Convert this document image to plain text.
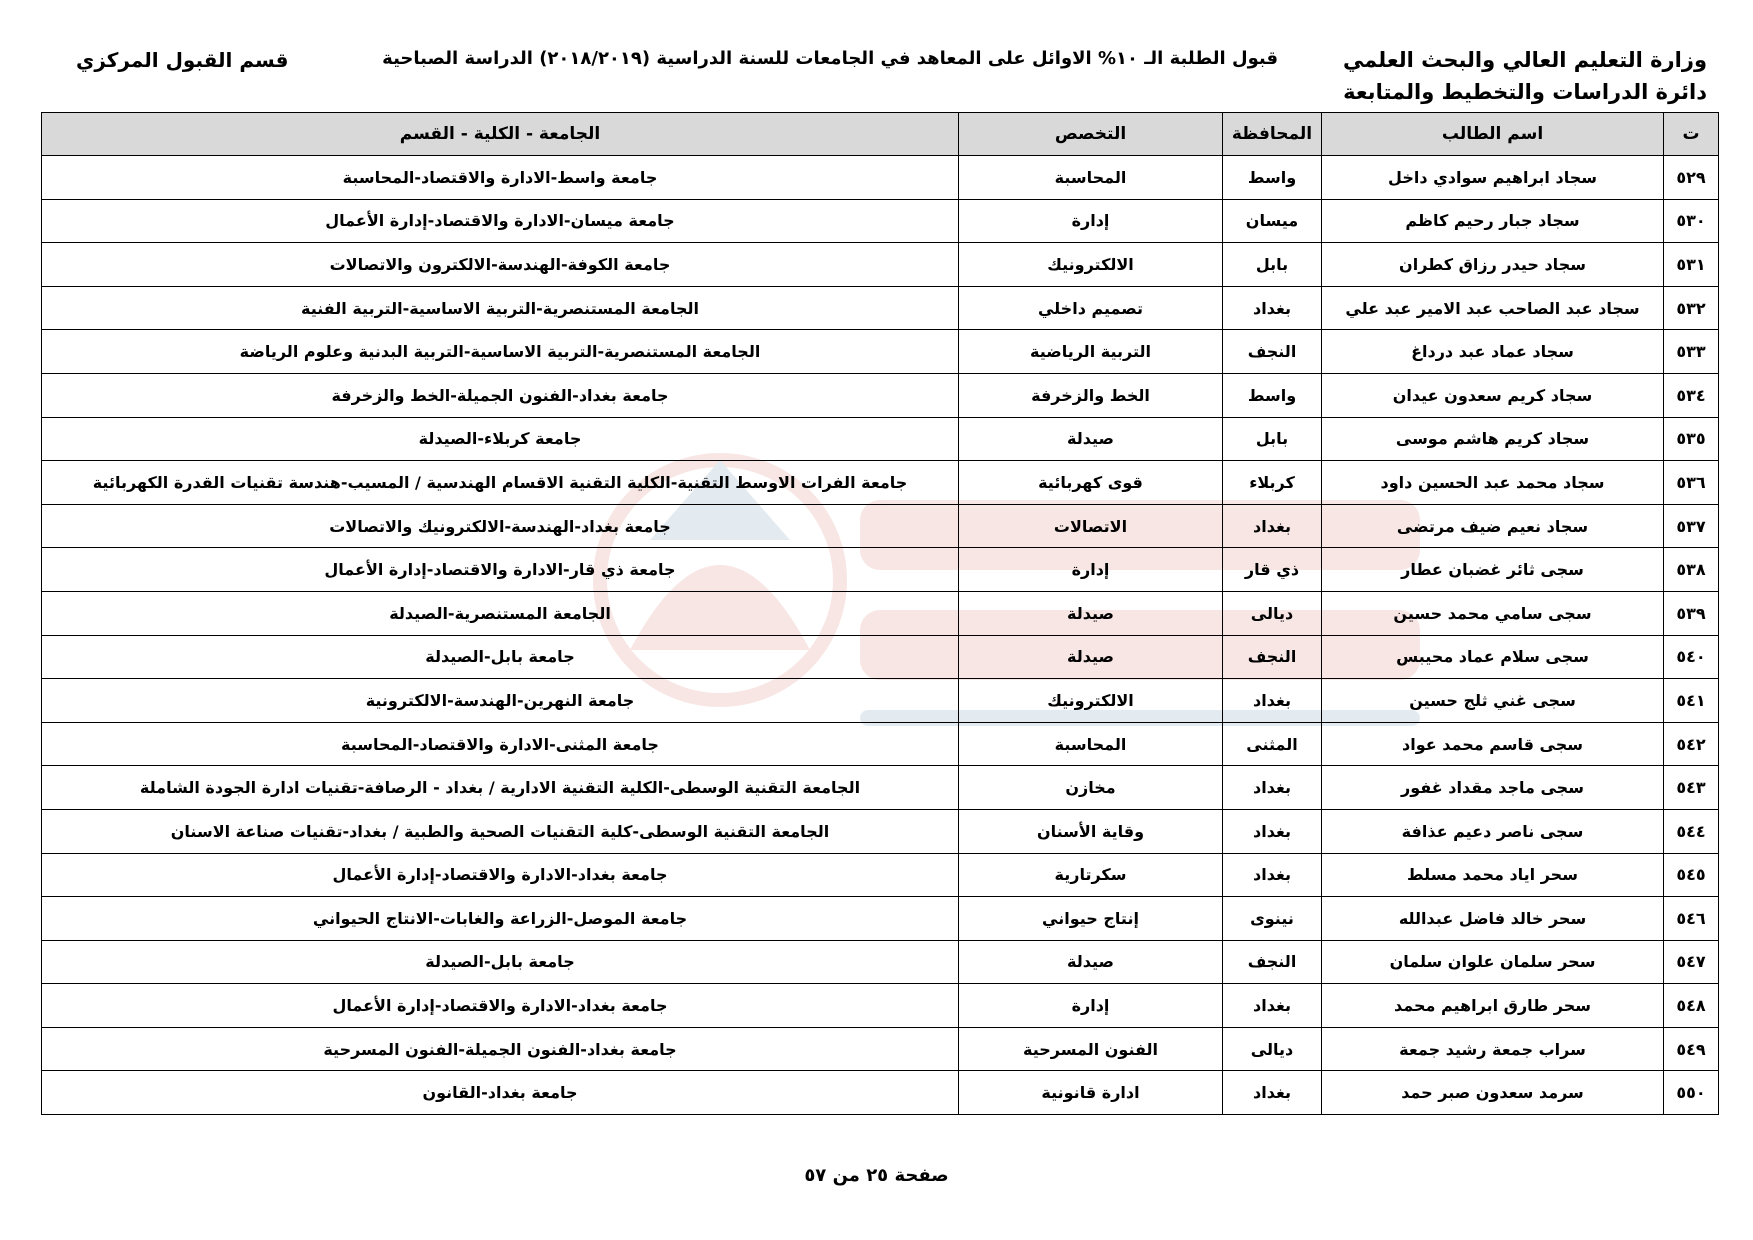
وزارة التعليم العالي والبحث العلمي
دائرة الدراسات والتخطيط والمتابعة
قبول الطلبة الـ ١٠% الاوائل على المعاهد في الجامعات للسنة الدراسية (٢٠١٨/٢٠١٩) الدراسة الصباحية
قسم القبول المركزي
ت	اسم الطالب	المحافظة	التخصص	الجامعة - الكلية - القسم
٥٢٩	سجاد ابراهيم سوادي داخل	واسط	المحاسبة	جامعة واسط-الادارة والاقتصاد-المحاسبة
٥٣٠	سجاد جبار رحيم كاظم	ميسان	إدارة	جامعة ميسان-الادارة والاقتصاد-إدارة الأعمال
٥٣١	سجاد حيدر رزاق كطران	بابل	الالكترونيك	جامعة الكوفة-الهندسة-الالكترون والاتصالات
٥٣٢	سجاد عبد الصاحب عبد الامير عبد علي	بغداد	تصميم داخلي	الجامعة المستنصرية-التربية الاساسية-التربية الفنية
٥٣٣	سجاد عماد عبد درداغ	النجف	التربية الرياضية	الجامعة المستنصرية-التربية الاساسية-التربية البدنية وعلوم الرياضة
٥٣٤	سجاد كريم سعدون عيدان	واسط	الخط والزخرفة	جامعة بغداد-الفنون الجميلة-الخط والزخرفة
٥٣٥	سجاد كريم هاشم موسى	بابل	صيدلة	جامعة كربلاء-الصيدلة
٥٣٦	سجاد محمد عبد الحسين داود	كربلاء	قوى كهربائية	جامعة الفرات الاوسط التقنية-الكلية التقنية الاقسام الهندسية / المسيب-هندسة تقنيات القدرة الكهربائية
٥٣٧	سجاد نعيم ضيف مرتضى	بغداد	الاتصالات	جامعة بغداد-الهندسة-الالكترونيك والاتصالات
٥٣٨	سجى ثائر غضبان عطار	ذي قار	إدارة	جامعة ذي قار-الادارة والاقتصاد-إدارة الأعمال
٥٣٩	سجى سامي محمد حسين	ديالى	صيدلة	الجامعة المستنصرية-الصيدلة
٥٤٠	سجى سلام عماد محيبس	النجف	صيدلة	جامعة بابل-الصيدلة
٥٤١	سجى غني ثلج حسين	بغداد	الالكترونيك	جامعة النهرين-الهندسة-الالكترونية
٥٤٢	سجى قاسم محمد عواد	المثنى	المحاسبة	جامعة المثنى-الادارة والاقتصاد-المحاسبة
٥٤٣	سجى ماجد مقداد غفور	بغداد	مخازن	الجامعة التقنية الوسطى-الكلية التقنية الادارية / بغداد - الرصافة-تقنيات ادارة الجودة الشاملة
٥٤٤	سجى ناصر دعيم عذافة	بغداد	وقاية الأسنان	الجامعة التقنية الوسطى-كلية التقنيات الصحية والطبية / بغداد-تقنيات صناعة الاسنان
٥٤٥	سحر اياد محمد مسلط	بغداد	سكرتارية	جامعة بغداد-الادارة والاقتصاد-إدارة الأعمال
٥٤٦	سحر خالد فاضل عبدالله	نينوى	إنتاج حيواني	جامعة الموصل-الزراعة والغابات-الانتاج الحيواني
٥٤٧	سحر سلمان علوان سلمان	النجف	صيدلة	جامعة بابل-الصيدلة
٥٤٨	سحر طارق ابراهيم محمد	بغداد	إدارة	جامعة بغداد-الادارة والاقتصاد-إدارة الأعمال
٥٤٩	سراب جمعة رشيد جمعة	ديالى	الفنون المسرحية	جامعة بغداد-الفنون الجميلة-الفنون المسرحية
٥٥٠	سرمد سعدون صبر حمد	بغداد	ادارة قانونية	جامعة بغداد-القانون
صفحة ٢٥ من ٥٧
